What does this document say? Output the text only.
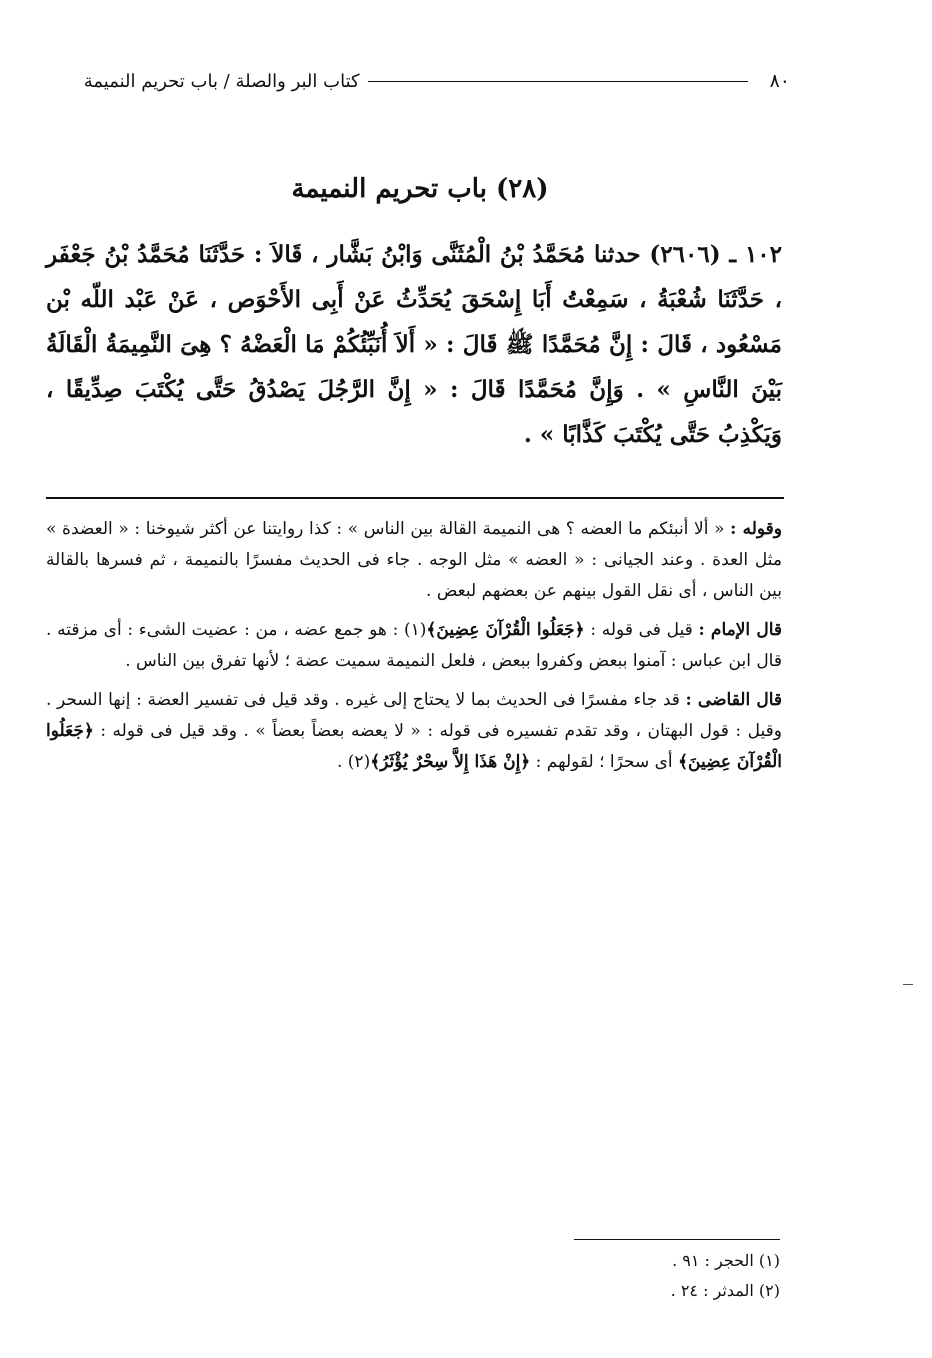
٨٠
كتاب البر والصلة / باب تحريم النميمة
(٢٨) باب تحريم النميمة
١٠٢ ـ (٢٦٠٦) حدثنا مُحَمَّدُ بْنُ الْمُثَنَّى وَابْنُ بَشَّار ، قَالاَ : حَدَّثَنَا مُحَمَّدُ بْنُ جَعْفَر ، حَدَّثَنَا شُعْبَةُ ، سَمِعْتُ أَبَا إِسْحَقَ يُحَدِّثُ عَنْ أَبِى الأَحْوَص ، عَنْ عَبْد اللّه بْن مَسْعُود ، قَالَ : إِنَّ مُحَمَّدًا ﷺ قَالَ : « أَلاَ أُنَبِّئُكُمْ مَا الْعَضْهُ ؟ هِىَ النَّمِيمَةُ الْقَالَةُ بَيْنَ النَّاسِ » . وَإِنَّ مُحَمَّدًا قَالَ : « إِنَّ الرَّجُلَ يَصْدُقُ حَتَّى يُكْتَبَ صِدِّيقًا ، وَيَكْذِبُ حَتَّى يُكْتَبَ كَذَّابًا » .

وقوله : « ألا أنبئكم ما العضه ؟ هى النميمة القالة بين الناس » : كذا روايتنا عن أكثر شيوخنا : « العضدة » مثل العدة . وعند الجيانى : « العضه » مثل الوجه . جاء فى الحديث مفسرًا بالنميمة ، ثم فسرها بالقالة بين الناس ، أى نقل القول بينهم عن بعضهم لبعض .

قال الإمام : قيل فى قوله : ﴿جَعَلُوا الْقُرْآنَ عِضِينَ﴾(١) : هو جمع عضه ، من : عضيت الشىء : أى مزقته . قال ابن عباس : آمنوا ببعض وكفروا ببعض ، فلعل النميمة سميت عضة ؛ لأنها تفرق بين الناس .

قال القاضى : قد جاء مفسرًا فى الحديث بما لا يحتاج إلى غيره . وقد قيل فى تفسير العضة : إنها السحر . وقيل : قول البهتان ، وقد تقدم تفسيره فى قوله : « لا يعضه بعضاً بعضاً » . وقد قيل فى قوله : ﴿جَعَلُوا الْقُرْآنَ عِضِينَ﴾ أى سحرًا ؛ لقولهم : ﴿إِنْ هَذَا إِلاَّ سِحْرٌ يُؤْثَرُ﴾(٢) .

(١) الحجر : ٩١ .
(٢) المدثر : ٢٤ .
